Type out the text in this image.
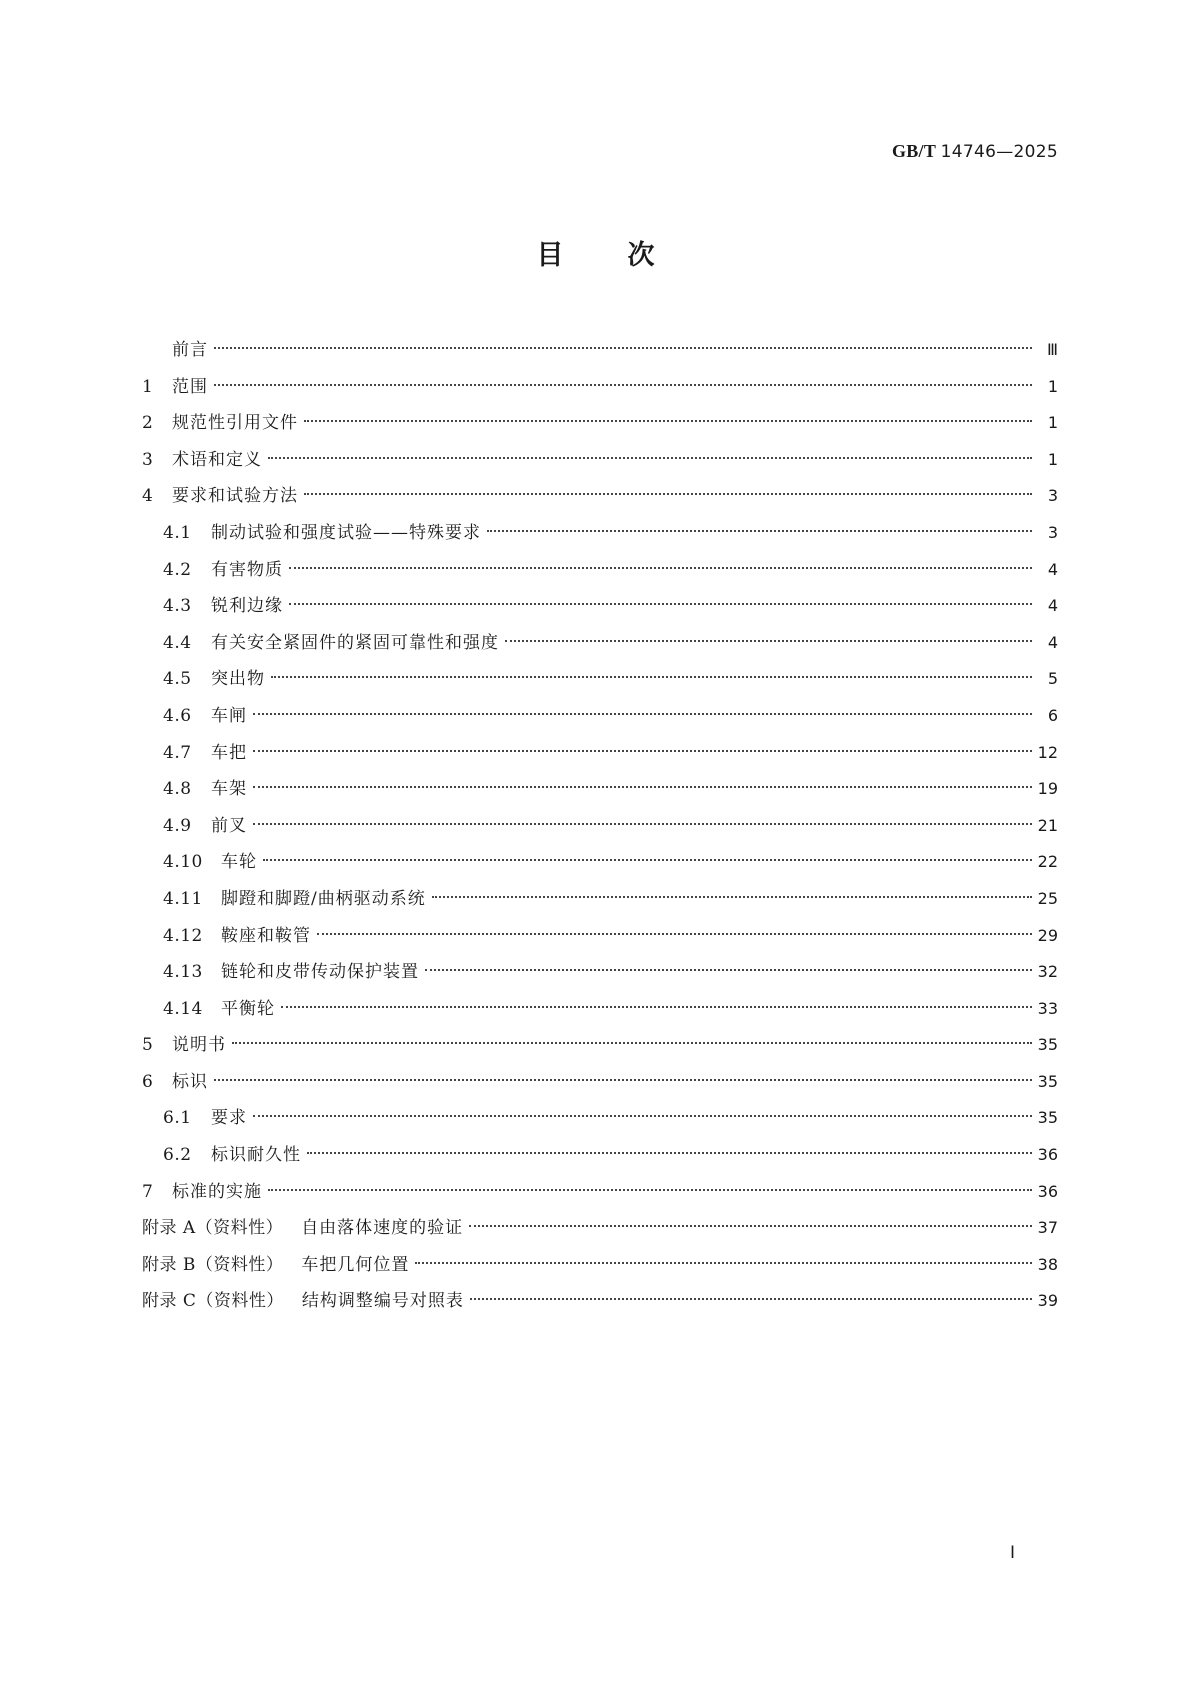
GB/T 14746—2025
目次
前言	Ⅲ
1	范围	1
2	规范性引用文件	1
3	术语和定义	1
4	要求和试验方法	3
4.1	制动试验和强度试验——特殊要求	3
4.2	有害物质	4
4.3	锐利边缘	4
4.4	有关安全紧固件的紧固可靠性和强度	4
4.5	突出物	5
4.6	车闸	6
4.7	车把	12
4.8	车架	19
4.9	前叉	21
4.10	车轮	22
4.11	脚蹬和脚蹬/曲柄驱动系统	25
4.12	鞍座和鞍管	29
4.13	链轮和皮带传动保护装置	32
4.14	平衡轮	33
5	说明书	35
6	标识	35
6.1	要求	35
6.2	标识耐久性	36
7	标准的实施	36
附录 A（资料性） 自由落体速度的验证	37
附录 B（资料性） 车把几何位置	38
附录 C（资料性） 结构调整编号对照表	39
Ⅰ
